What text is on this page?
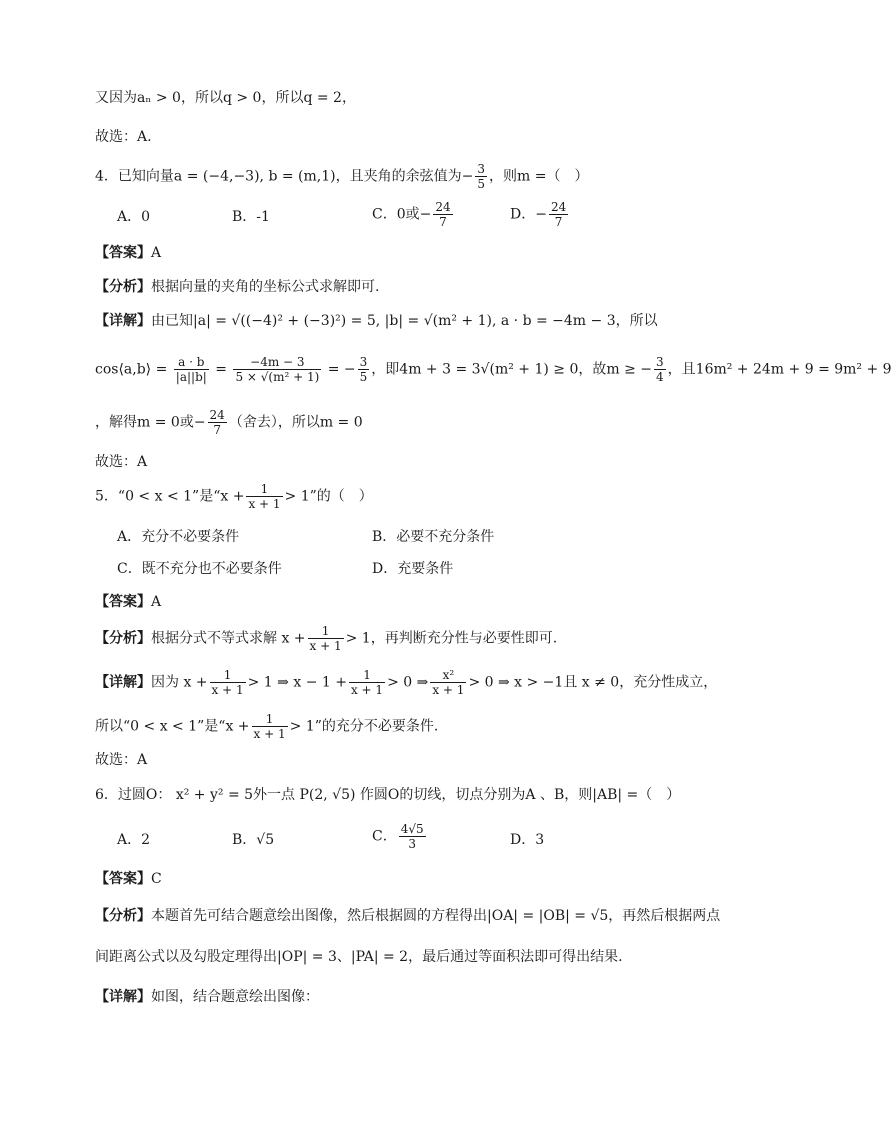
又因为aₙ > 0，所以q > 0，所以q = 2，
故选：A.
4．已知向量a = (−4,−3), b = (m,1)，且夹角的余弦值为− $\frac{3}{5}$ ，则m =（　）
A．0	B．-1	C．0或− $\frac{24}{7}$	D．− $\frac{24}{7}$
【答案】A
【分析】根据向量的夹角的坐标公式求解即可.
【详解】由已知|a| = √((−4)² + (−3)²) = 5, |b| = √(m² + 1), a · b = −4m − 3，所以
cos⟨a,b⟩ = $\frac{a \cdot b}{|a||b|} = \frac{-4m - 3}{\text{5 × √(m² + 1)}}$ = − $\frac{3}{5}$ ，即4m + 3 = 3√(m² + 1) ≥ 0，故m ≥ − $\frac{3}{4}$ ，且16m² + 24m + 9 = 9m² + 9
，解得m = 0或− $\frac{24}{7}$ （舍去），所以m = 0
故选：A
5．“0 < x < 1”是“$x + \frac{1}{x + 1} > 1$”的（　）
A．充分不必要条件	B．必要不充分条件
C．既不充分也不必要条件	D．充要条件
【答案】A
【分析】根据分式不等式求解 $x + \frac{1}{x + 1} > 1$，再判断充分性与必要性即可.
【详解】因为 $x + \frac{1}{x + 1} > 1$ ⇒ $x - 1 + \frac{1}{x + 1} > 0$ ⇒ $\frac{\text{x²}}{x + 1} > 0$ ⇒ x > −1且 x ≠ 0，充分性成立，
所以“0 < x < 1”是“$x + \frac{1}{x + 1} > 1$”的充分不必要条件.
故选：A
6．过圆O： x² + y² = 5外一点 P(2, √5) 作圆O的切线，切点分别为A 、B，则|AB| =（　）
A．2	B．√5	C． $\frac{4√5}{3}$	D．3
【答案】C
【分析】本题首先可结合题意绘出图像，然后根据圆的方程得出|OA| = |OB| = √5，再然后根据两点
间距离公式以及勾股定理得出|OP| = 3、|PA| = 2，最后通过等面积法即可得出结果.
【详解】如图，结合题意绘出图像：
